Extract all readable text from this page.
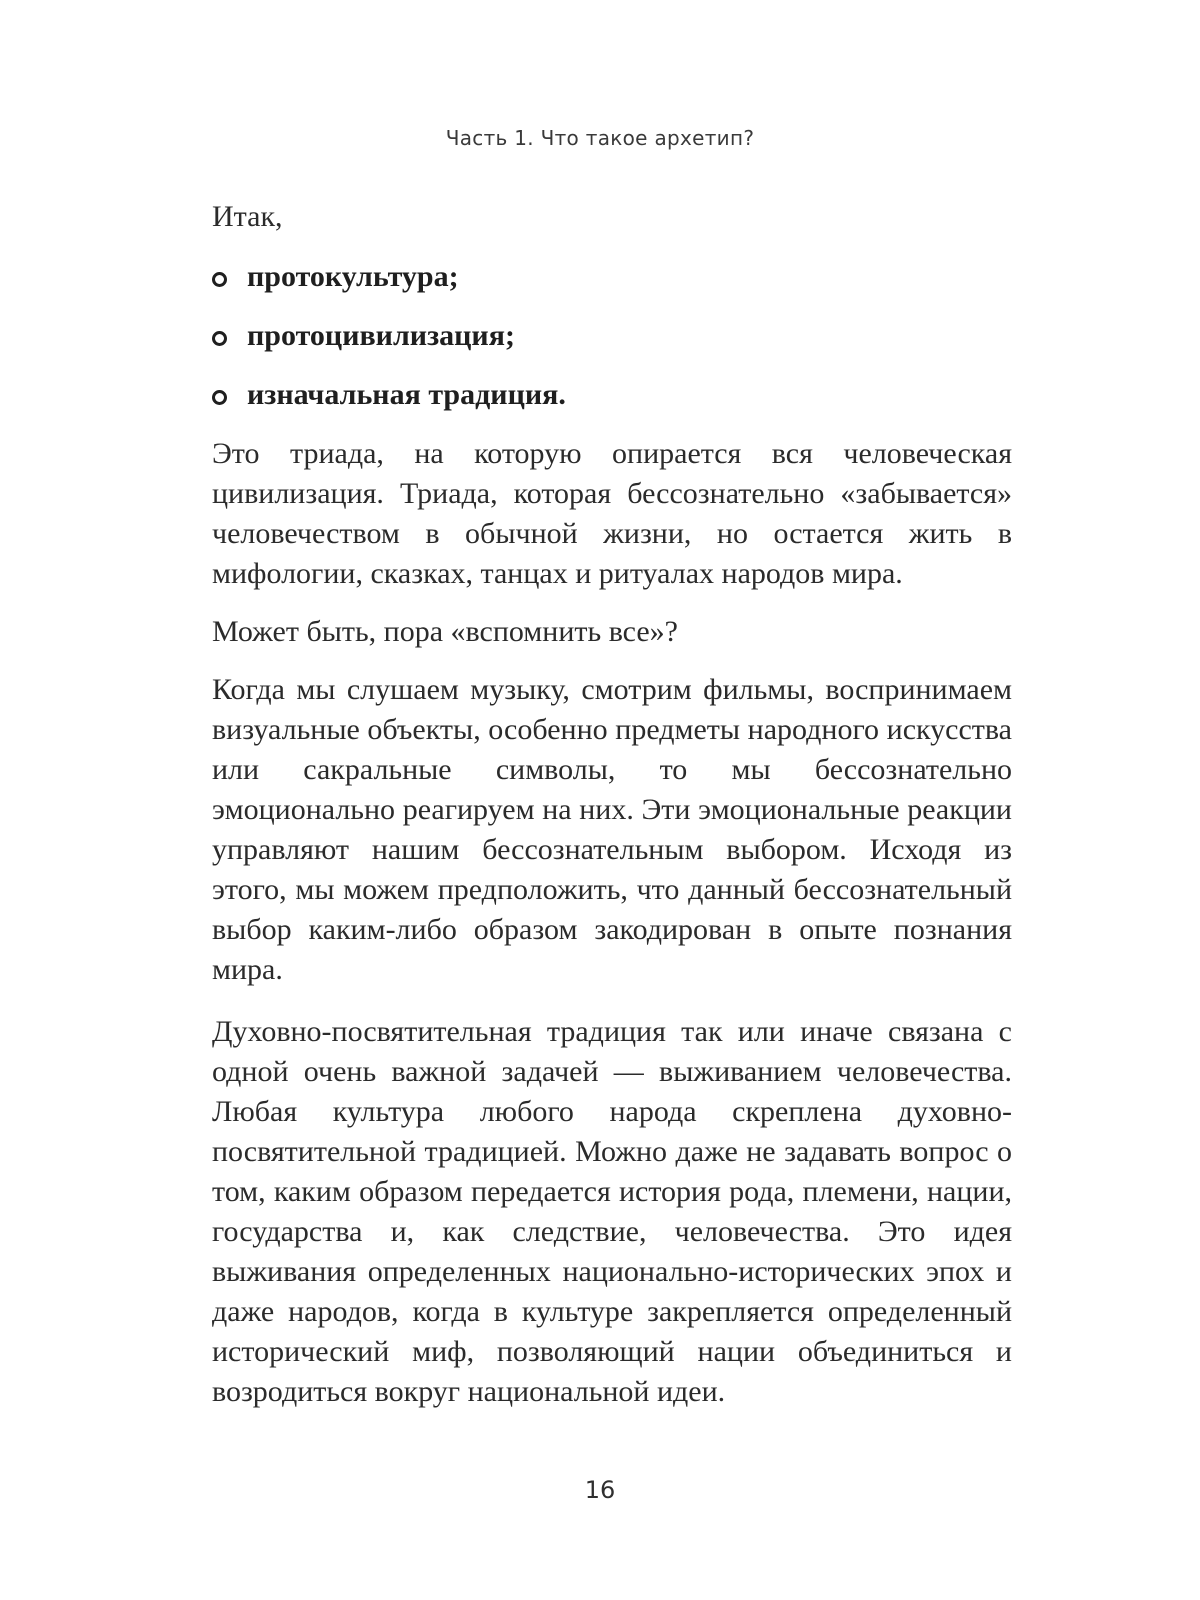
Часть 1. Что такое архетип?

Итак,

протокультура;
протоцивилизация;
изначальная традиция.

Это триада, на которую опирается вся человеческая цивилизация. Триада, которая бессознательно «забывается» человечеством в обычной жизни, но остается жить в мифологии, сказках, танцах и ритуалах народов мира.

Может быть, пора «вспомнить все»?

Когда мы слушаем музыку, смотрим фильмы, воспринимаем визуальные объекты, особенно предметы народного искусства или сакральные символы, то мы бессознательно эмоционально реагируем на них. Эти эмоциональные реакции управляют нашим бессознательным выбором. Исходя из этого, мы можем предположить, что данный бессознательный выбор каким-либо образом закодирован в опыте познания мира.

Духовно-посвятительная традиция так или иначе связана с одной очень важной задачей — выживанием человечества. Любая культура любого народа скреплена духовно-посвятительной традицией. Можно даже не задавать вопрос о том, каким образом передается история рода, племени, нации, государства и, как следствие, человечества. Это идея выживания определенных национально-исторических эпох и даже народов, когда в культуре закрепляется определенный исторический миф, позволяющий нации объединиться и возродиться вокруг национальной идеи.

16
